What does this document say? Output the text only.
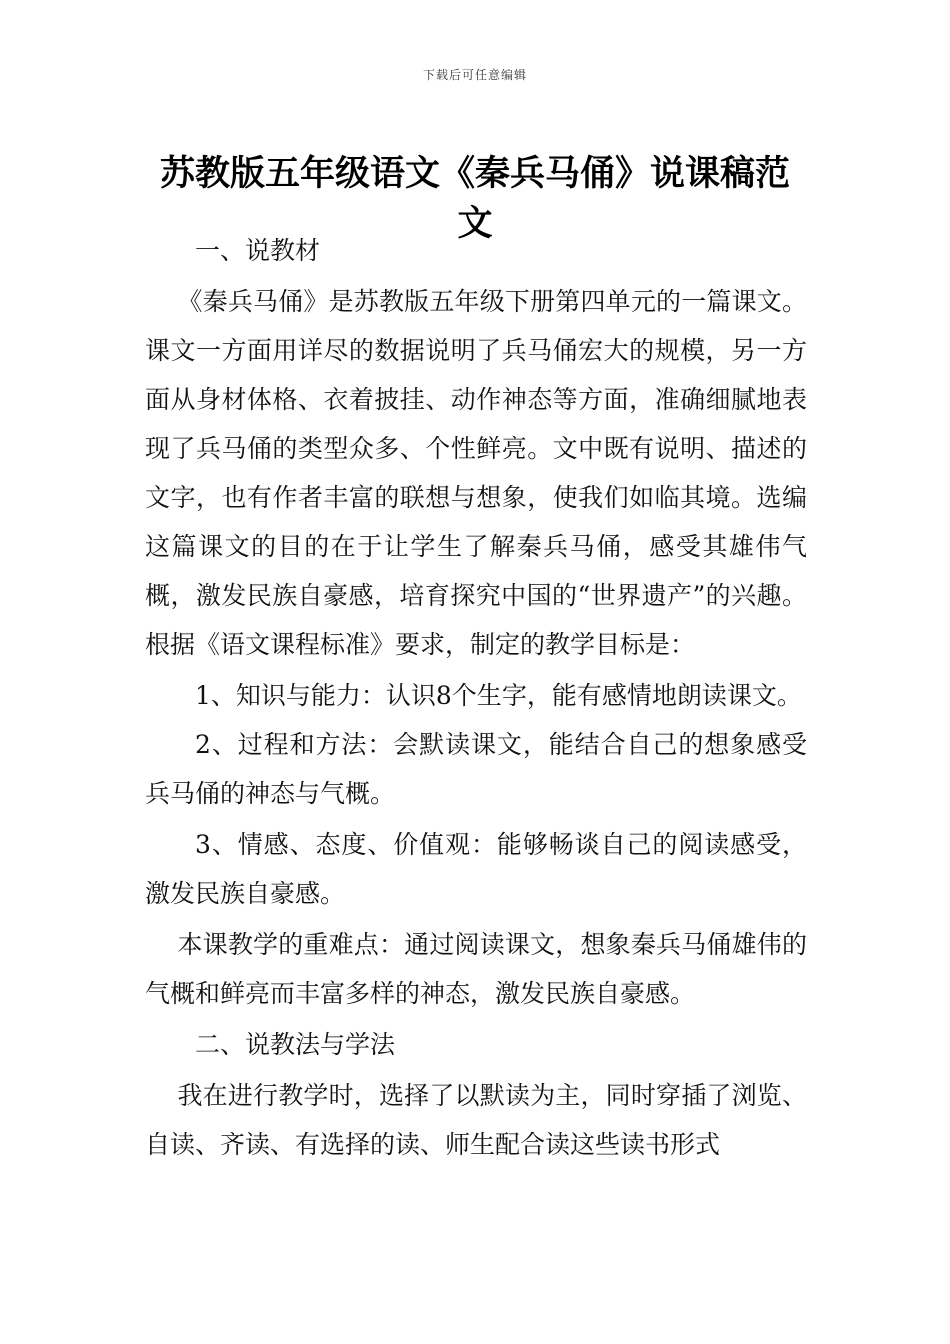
下载后可任意编辑
苏教版五年级语文《秦兵马俑》说课稿范文

一、说教材

《秦兵马俑》是苏教版五年级下册第四单元的一篇课文。课文一方面用详尽的数据说明了兵马俑宏大的规模，另一方面从身材体格、衣着披挂、动作神态等方面，准确细腻地表现了兵马俑的类型众多、个性鲜亮。文中既有说明、描述的文字，也有作者丰富的联想与想象，使我们如临其境。选编这篇课文的目的在于让学生了解秦兵马俑，感受其雄伟气概，激发民族自豪感，培育探究中国的“世界遗产”的兴趣。根据《语文课程标准》要求，制定的教学目标是：

1、知识与能力：认识8个生字，能有感情地朗读课文。

2、过程和方法：会默读课文，能结合自己的想象感受兵马俑的神态与气概。

3、情感、态度、价值观：能够畅谈自己的阅读感受，激发民族自豪感。

本课教学的重难点：通过阅读课文，想象秦兵马俑雄伟的气概和鲜亮而丰富多样的神态，激发民族自豪感。

二、说教法与学法

我在进行教学时，选择了以默读为主，同时穿插了浏览、自读、齐读、有选择的读、师生配合读这些读书形式
